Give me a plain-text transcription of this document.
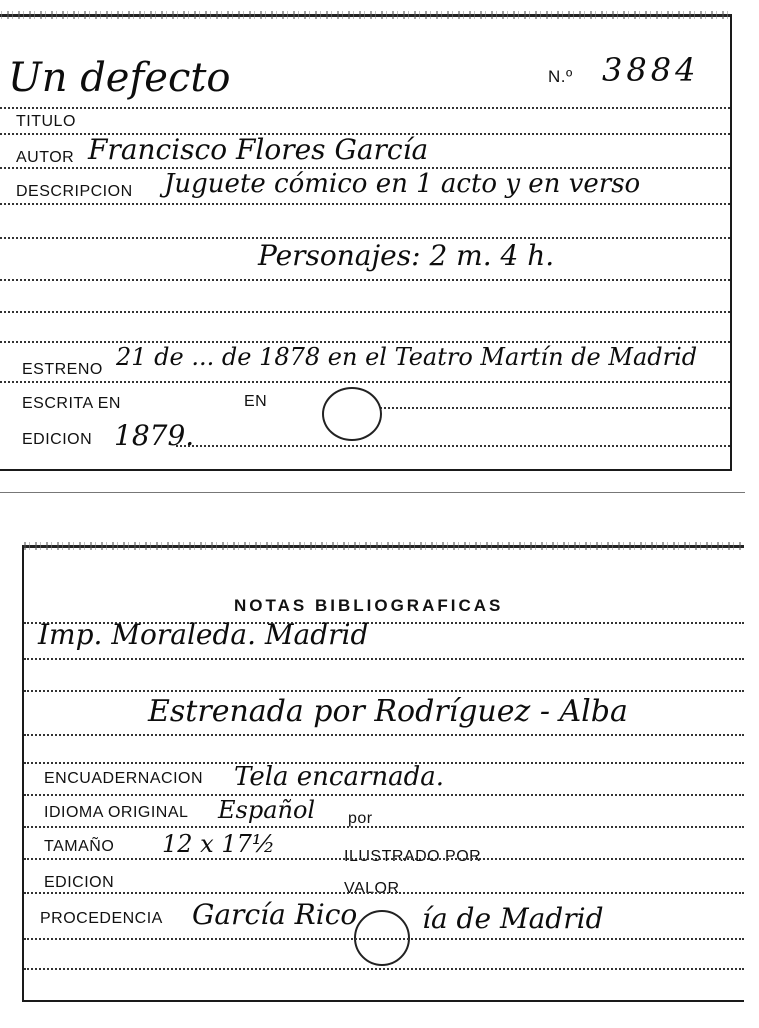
Un defecto	N.º 3884
TITULO
AUTOR Francisco Flores García
DESCRIPCION Juguete cómico en 1 acto y en verso
Personajes: 2 m. 4 h.
ESTRENO 21 de ... de 1878 en el Teatro Martín de Madrid
ESCRITA EN	EN
EDICION 1879.
NOTAS BIBLIOGRAFICAS
Imp. Moraleda. Madrid
Estrenada por Rodríguez - Alba
ENCUADERNACION Tela encarnada.
IDIOMA ORIGINAL Español por
TAMAÑO 12 x 17½	ILUSTRADO POR
EDICION	VALOR
PROCEDENCIA García Rico ía de Madrid
